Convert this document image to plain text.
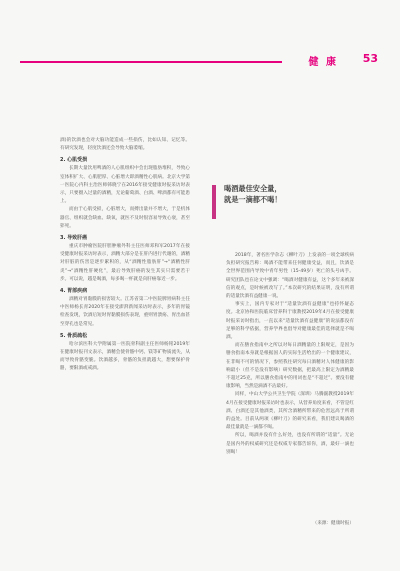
健 康 53

酒)的饮酒也会对大脑功能造成一些损伤，比如认知、记忆等。有研究发现，轻度饮酒还会导致大脑萎缩。

2. 心肌受损

长期大量饮用啤酒的人心肌组织中会出现脂肪堆积，导致心室体积扩大、心肌肥厚、心脏增大即酒精性心肌病。北京大学第一医院心内科主治医师韩晓宁在2016年接受健康时报采访时表示，只要摄入过量的酒精，无论葡萄酒、白酒、啤酒都有可能患上。

而由于心肌受损，心脏增大，而搏出量并不增大，于是机体器官、组织就会缺血、缺氧，就医不及时很容易导致心衰，甚至猝死。

3. 导致肝癌

重庆市肿瘤医院肝胆肿瘤外科主任医师邓和军2017年在接受健康时报采访时表示，酒精大部分是在肝内进行代谢的，酒精对肝脏的伤害是逐步累积的，从“酒精性脂肪肝”→“酒精性肝炎”→“酒精性肝硬化”，最后导致肝癌的发生其实只需要若干步。可以说，越是喝酒，每多喝一杯就是向肝癌靠近一步。

4. 胃部疾病

酒精对胃黏膜的损害较大。江苏省第二中医院脾胃病科主任中医师杨长青2020年在接受澎湃新闻采访时表示，多年的胃镜检查发现，饮酒后短时胃黏膜损伤表现，重则胃溃疡、胃出血甚至穿孔也是常见。

5. 骨质疏松

哈尔滨医科大学附属第一医院骨科副主任医师杨铭2019年在健康时报刊文表示，酒精会使骨骼中钙、镁等矿物质流失，从而导致骨骼变脆。饮酒越多，骨骼的负担就越大，想要保护骨骼，要限酒或戒酒。

喝酒最佳安全量，
就是一滴都不喝！

2018年，著名医学杂志《柳叶刀》上发表的一项全球疾病负担研究报告称：喝酒不能带来任何健康受益，而且，饮酒是全世界范围内导致中青年男性（15-49岁）死亡的头号凶手。研究团队也在论文中强调：“喝酒对健康有益，这个多年来被深信的观点，是时候被改写了。”本次研究的结果证明，没有所谓的适量饮酒有益健康一说。

事实上，国内专家对于“适量饮酒有益健康”也持怀疑态度。北京协和医院临床营养科于康教授2019年4月在接受健康时报采访时指出，一直以来“适量饮酒有益健康”的说法都没有足够的科学依据，营养学界也倡导对健康最佳的选择就是不喝酒。

而在膳食指南中之所以对每日酒精量的上限规定，是因为膳食指南本身就是根据国人的实际生活给出的一个健康建议，在非喝不可的情况下，参照我往研究每日酒精对人体健康的影响最小（但不是没有影响）研究数据，把最高上限定为酒精最不超过25克，所以膳食指南中的用词也是“不超过”。要没有健康影响，当然是滴酒不沾最好。

同样，中山大学公共卫生学院（深圳）马腾副教授2019年4月在接受健康时报采访时也表示，从营养角度来看，不管是红酒、白酒还是其他酒类，其所含酒精所带来的危害远高于所谓的益处。目前从两项《柳叶刀》的研究来看，我们建议喝酒的最佳量就是一滴都不喝。

所以，喝酒并没有什么好处，也没有所谓的“适量”。无论是国内外的权威研究还是权威专家都告诉你，酒，最好一滴也别喝！

（来源：健康时报）
